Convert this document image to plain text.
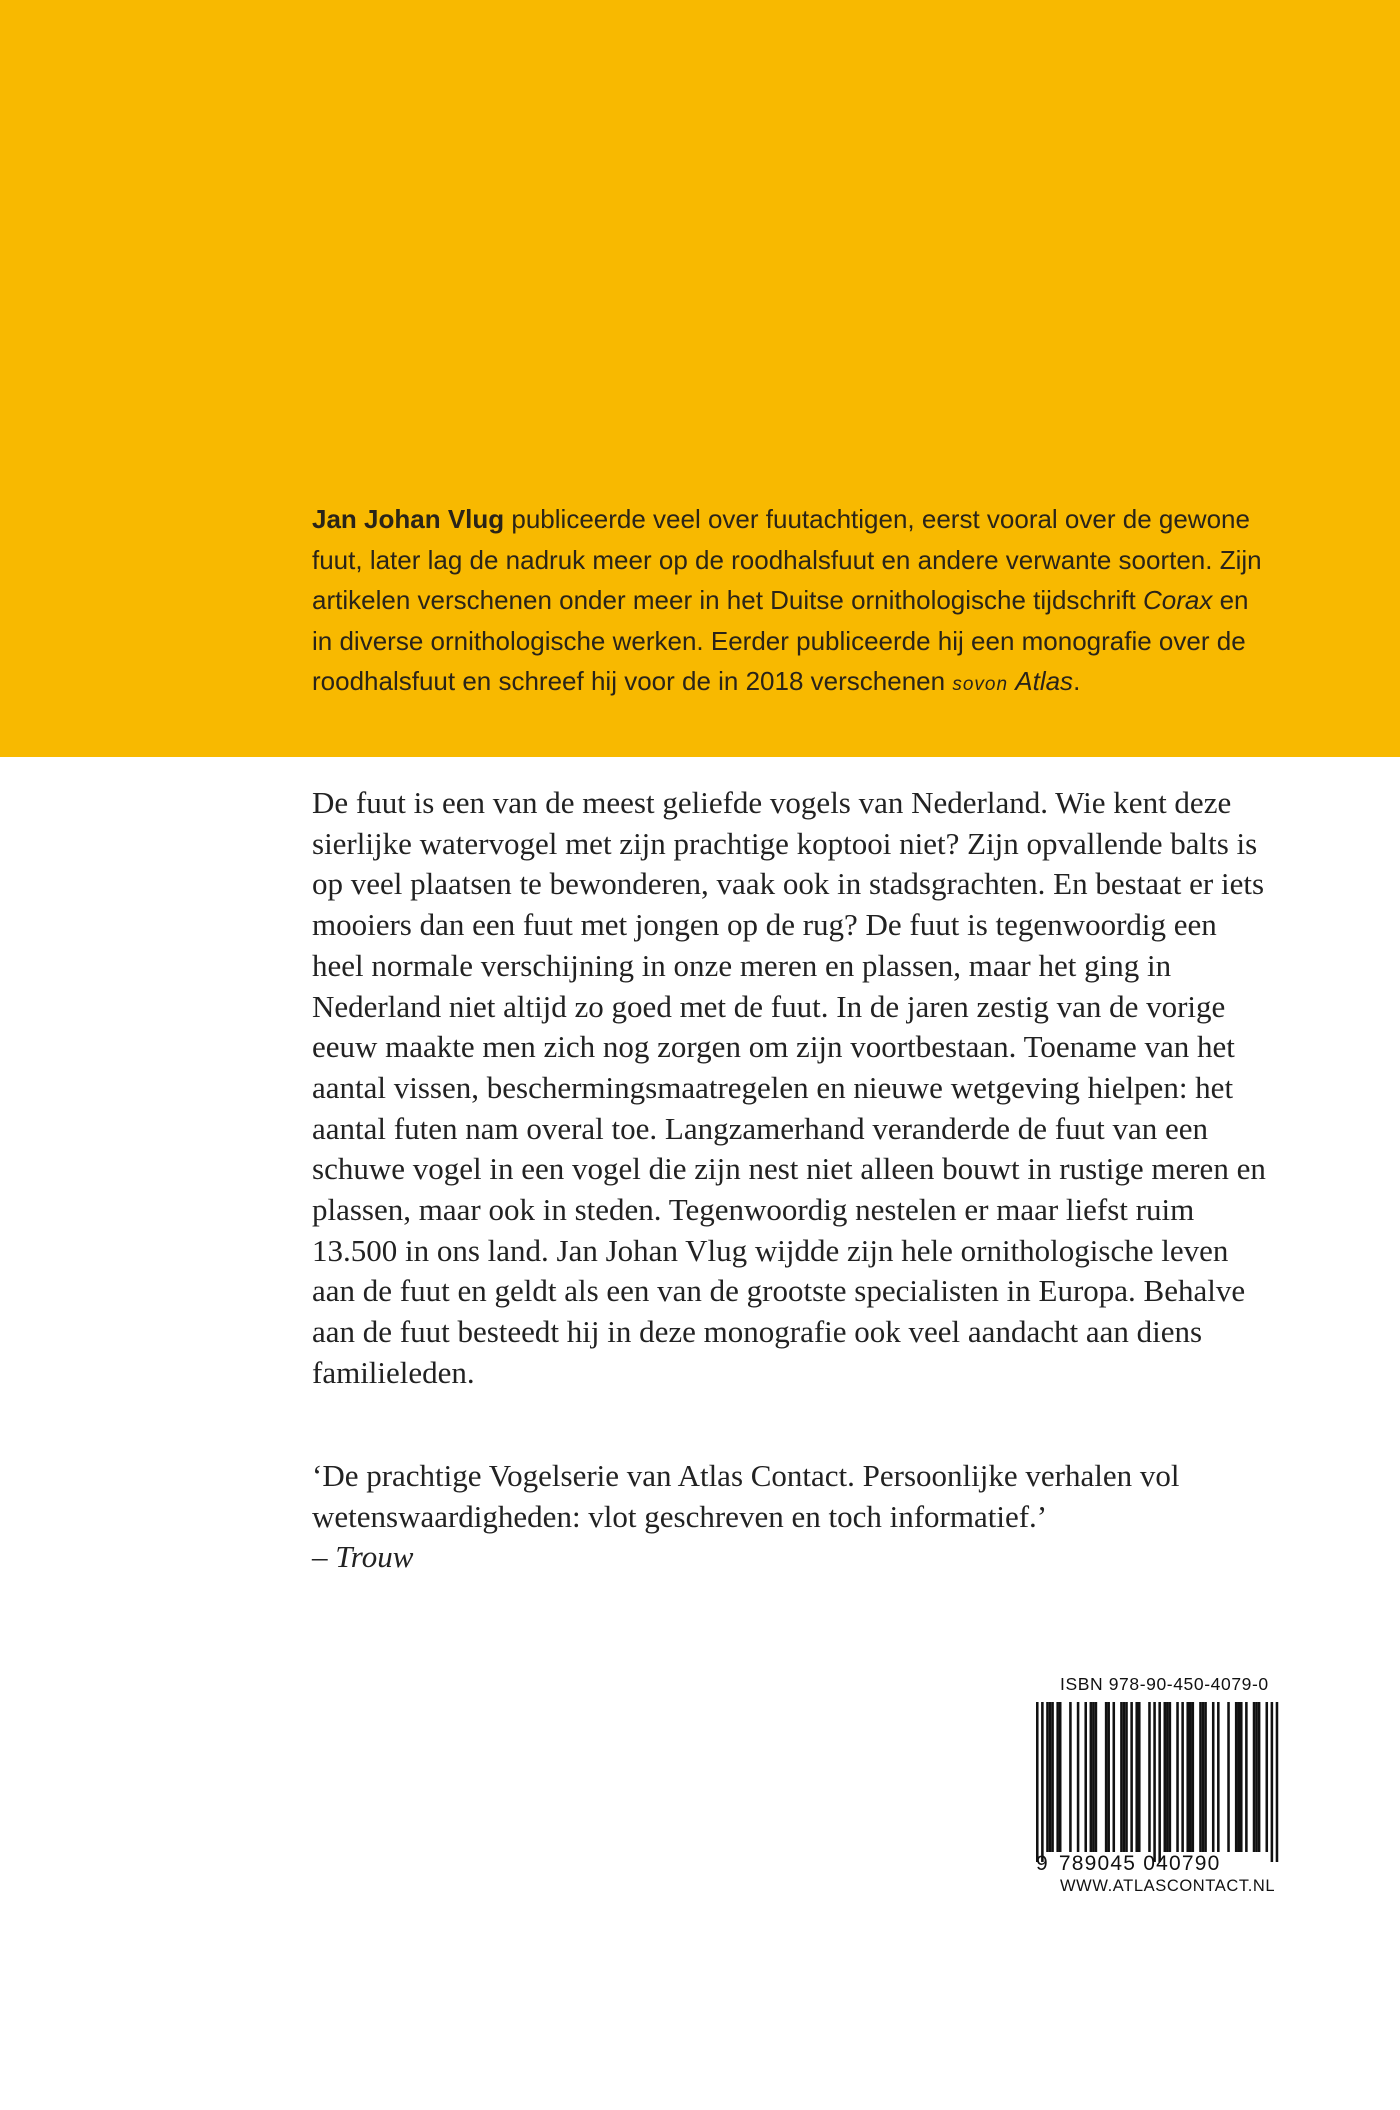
Jan Johan Vlug publiceerde veel over fuutachtigen, eerst vooral over de gewone fuut, later lag de nadruk meer op de roodhalsfuut en andere verwante soorten. Zijn artikelen verschenen onder meer in het Duitse ornithologische tijdschrift Corax en in diverse ornithologische werken. Eerder publiceerde hij een monografie over de roodhalsfuut en schreef hij voor de in 2018 verschenen sovon Atlas.

De fuut is een van de meest geliefde vogels van Nederland. Wie kent deze sierlijke watervogel met zijn prachtige koptooi niet? Zijn opvallende balts is op veel plaatsen te bewonderen, vaak ook in stadsgrachten. En bestaat er iets mooiers dan een fuut met jongen op de rug? De fuut is tegenwoordig een heel normale verschijning in onze meren en plassen, maar het ging in Nederland niet altijd zo goed met de fuut. In de jaren zestig van de vorige eeuw maakte men zich nog zorgen om zijn voortbestaan. Toename van het aantal vissen, beschermingsmaatregelen en nieuwe wetgeving hielpen: het aantal futen nam overal toe. Langzamerhand veranderde de fuut van een schuwe vogel in een vogel die zijn nest niet alleen bouwt in rustige meren en plassen, maar ook in steden. Tegenwoordig nestelen er maar liefst ruim 13.500 in ons land. Jan Johan Vlug wijdde zijn hele ornithologische leven aan de fuut en geldt als een van de grootste specialisten in Europa. Behalve aan de fuut besteedt hij in deze monografie ook veel aandacht aan diens familieleden.

‘De prachtige Vogelserie van Atlas Contact. Persoonlijke verhalen vol wetenswaardigheden: vlot geschreven en toch informatief.’
– Trouw

ISBN 978-90-450-4079-0
9 789045 040790
WWW.ATLASCONTACT.NL
